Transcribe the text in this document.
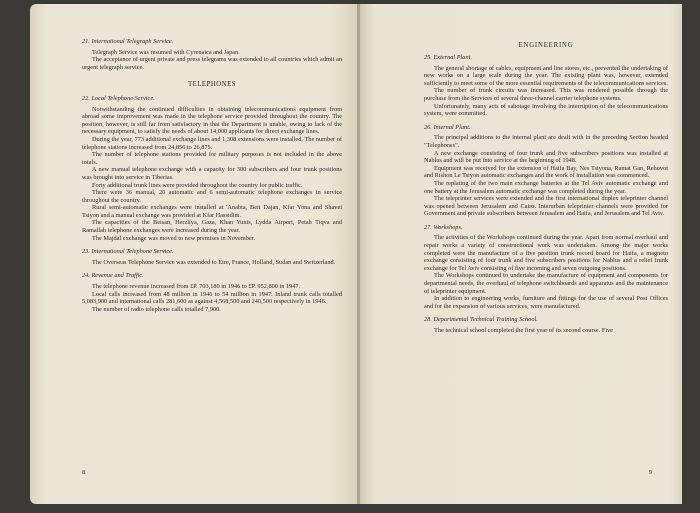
21. International Telegraph Service.

Telegraph Service was resumed with Cyrenaica and Japan.

The acceptance of urgent private and press telegrams was extended to all countries which admit an urgent telegraph service.

TELEPHONES
22. Local Telephone Service.

Notwithstanding the continued difficulties in obtaining telecommunications equipment from abroad some improvement was made in the telephone service provided throughout the country. The position, however, is still far from satisfactory in that the Department is unable, owing to lack of the necessary equipment, to satisfy the needs of about 14,000 applicants for direct exchange lines.

During the year, 773 additional exchange lines and 1,308 extensions were installed. The number of telephone stations increased from 24,856 to 26,875.

The number of telephone stations provided for military purposes is not included in the above totals.

A new manual telephone exchange with a capacity for 300 subscribers and four trunk positions was brought into service in Tiberias.

Forty additional trunk lines were provided throughout the country for public traffic.

There were 36 manual, 20 automatic and 6 semi-automatic telephone exchanges in service throughout the country.

Rural semi-automatic exchanges were installed at 'Anabta, Beit Dajan, Kfar Yona and Shavei Tsiyon and a manual exchange was provided at Kfar Hassidim.

The capacities of the Beisan, Herzliya, Gaza, Khan Yunis, Lydda Airport, Petah Tiqva and Ramallah telephone exchanges were increased during the year.

The Majdal exchange was moved to new premises in November.

23. International Telephone Service.

The Overseas Telephone Service was extended to Eire, France, Holland, Sudan and Switzerland.

24. Revenue and Traffic.

The telephone revenue increased from £P. 703,180 in 1946 to £P. 952,800 in 1947.

Local calls increased from 48 million in 1946 to 54 million in 1947. Inland trunk calls totalled 5,083,900 and international calls 281,600 as against 4,568,500 and 240,500 respectively in 1946.

The number of radio telephone calls totalled 7,900.

8
ENGINEERING
25. External Plant.

The general shortage of cables, equipment and line stores, etc., prevented the undertaking of new works on a large scale during the year. The existing plant was, however, extended sufficiently to meet some of the more essential requirements of the telecommunications services.

The number of trunk circuits was increased. This was rendered possible through the purchase from the Services of several three-channel carrier telephone systems.

Unfortunately, many acts of sabotage involving the interruption of the telecommunications system, were committed.

26. Internal Plant.

The principal additions to the internal plant are dealt with in the preceding Section headed "Telephones".

A new exchange consisting of four trunk and five subscribers positions was installed at Nablus and will be put into service at the beginning of 1948.

Equipment was received for the extension of Haifa Bay, Nes Tsiyona, Ramat Gan, Rehovot and Rishon Le Tsiyon automatic exchanges and the work of installation was commenced.

The replating of the two main exchange batteries at the Tel Aviv automatic exchange and one battery at the Jerusalem automatic exchange was completed during the year.

The teleprinter services were extended and the first international duplex teleprinter channel was opened between Jerusalem and Cairo. Interurban teleprinter channels were provided for Government and private subscribers between Jerusalem and Haifa, and Jerusalem and Tel Aviv.

27. Workshops.

The activities of the Workshops continued during the year. Apart from normal overhaul and repair works a variety of constructional work was undertaken. Among the major works completed were the manufacture of a five position trunk record board for Haifa, a magneto exchange consisting of four trunk and five subscribers positions for Nablus and a relief trunk exchange for Tel Aviv consisting of five incoming and seven outgoing positions.

The Workshops continued to undertake the manufacture of equipment and components for departmental needs, the overhaul of telephone switchboards and apparatus and the maintenance of teleprinter equipment.

In addition to engineering works, furniture and fittings for the use of several Post Offices and for the expansion of various services, were manufactured.

28. Departmental Technical Training School.

The technical school completed the first year of its second course. Five

9
